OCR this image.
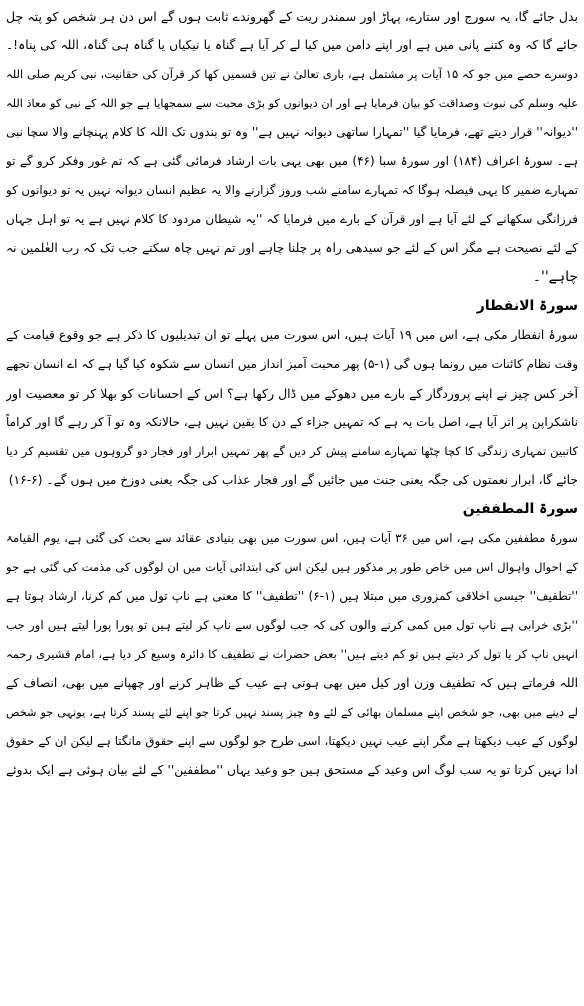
بدل جائے گا، یہ سورج اور ستارے، پہاڑ اور سمندر ریت کے گھروندے ثابت ہوں گے اس دن ہر شخص کو پتہ چل
جائے گا کہ وہ کتنے پانی میں ہے اور اپنے دامن میں کیا لے کر آیا ہے گناہ یا نیکیاں یا گناہ ہی گناہ، اللہ کی پناہ!۔
دوسرے حصے میں جو کہ ۱۵ آیات پر مشتمل ہے، باری تعالیٰ نے تین قسمیں کھا کر قرآن کی حقانیت، نبی کریم صلی اللہ
علیہ وسلم کی نبوت وصداقت کو بیان فرمایا ہے اور ان دیوانوں کو بڑی محبت سے سمجھایا ہے جو اللہ کے نبی کو معاذ اللہ
''دیوانہ'' قرار دیتے تھے، فرمایا گیا ''تمہارا ساتھی دیوانہ نہیں ہے'' وہ تو بندوں تک اللہ کا کلام پہنچانے والا سچا نبی
ہے۔ سورۂ اعراف (۱۸۴) اور سورۂ سبا (۴۶) میں بھی یہی بات ارشاد فرمائی گئی ہے کہ تم غور وفکر کرو گے تو
تمہارے ضمیر کا یہی فیصلہ ہوگا کہ تمہارے سامنے شب وروز گزارنے والا یہ عظیم انسان دیوانہ نہیں یہ تو دیوانوں کو
فرزانگی سکھانے کے لئے آیا ہے اور قرآن کے بارے میں فرمایا کہ ''یہ شیطان مردود کا کلام نہیں ہے یہ تو اہل جہاں
کے لئے نصیحت ہے مگر اس کے لئے جو سیدھی راہ پر چلنا چاہے اور تم نہیں چاہ سکتے جب تک کہ رب العٰلمین نہ
چاہے''۔
سورۃ الانفطار
سورۂ انفطار مکی ہے، اس میں ۱۹ آیات ہیں، اس سورت میں پہلے تو ان تبدیلیوں کا ذکر ہے جو وقوع قیامت کے
وقت نظام کائنات میں رونما ہوں گی (۱-۵) پھر محبت آمیز انداز میں انسان سے شکوہ کیا گیا ہے کہ اے انسان تجھے
آخر کس چیز نے اپنے پروردگار کے بارے میں دھوکے میں ڈال رکھا ہے؟ اس کے احسانات کو بھلا کر تو معصیت اور
ناشکراپن پر اتر آیا ہے، اصل بات یہ ہے کہ تمہیں جزاء کے دن کا یقین نہیں ہے، حالانکہ وہ تو آ کر رہے گا اور کراماً
کاتبین تمہاری زندگی کا کچا چٹھا تمہارے سامنے پیش کر دیں گے پھر تمہیں ابرار اور فجار دو گروہوں میں تقسیم کر دیا
جائے گا، ابرار نعمتوں کی جگہ یعنی جنت میں جائیں گے اور فجار عذاب کی جگہ یعنی دوزخ میں ہوں گے۔ (۶-۱۶)
سورۃ المطففین
سورۂ مطففین مکی ہے، اس میں ۳۶ آیات ہیں، اس سورت میں بھی بنیادی عقائد سے بحث کی گئی ہے، یوم القیامۃ
کے احوال واہوال اس میں خاص طور پر مذکور ہیں لیکن اس کی ابتدائی آیات میں ان لوگوں کی مذمت کی گئی ہے جو
''تطفیف'' جیسی اخلاقی کمزوری میں مبتلا ہیں (۱-۶) ''تطفیف'' کا معنی ہے ناپ تول میں کم کرنا، ارشاد ہوتا ہے
''بڑی خرابی ہے ناپ تول میں کمی کرنے والوں کی کہ جب لوگوں سے ناپ کر لیتے ہیں تو پورا پورا لیتے ہیں اور جب
انہیں ناپ کر یا تول کر دیتے ہیں تو کم دیتے ہیں'' بعض حضرات نے تطفیف کا دائرہ وسیع کر دیا ہے، امام قشیری رحمہ
اللہ فرماتے ہیں کہ تطفیف وزن اور کیل میں بھی ہوتی ہے عیب کے ظاہر کرنے اور چھپانے میں بھی، انصاف کے
لے دینے میں بھی، جو شخص اپنے مسلمان بھائی کے لئے وہ چیز پسند نہیں کرتا جو اپنے لئے پسند کرتا ہے، یونہی جو شخص
لوگوں کے عیب دیکھتا ہے مگر اپنے عیب نہیں دیکھتا، اسی طرح جو لوگوں سے اپنے حقوق مانگتا ہے لیکن ان کے حقوق
ادا نہیں کرتا تو یہ سب لوگ اس وعید کے مستحق ہیں جو وعید یہاں ''مطففین'' کے لئے بیان ہوئی ہے ایک بدوئے
